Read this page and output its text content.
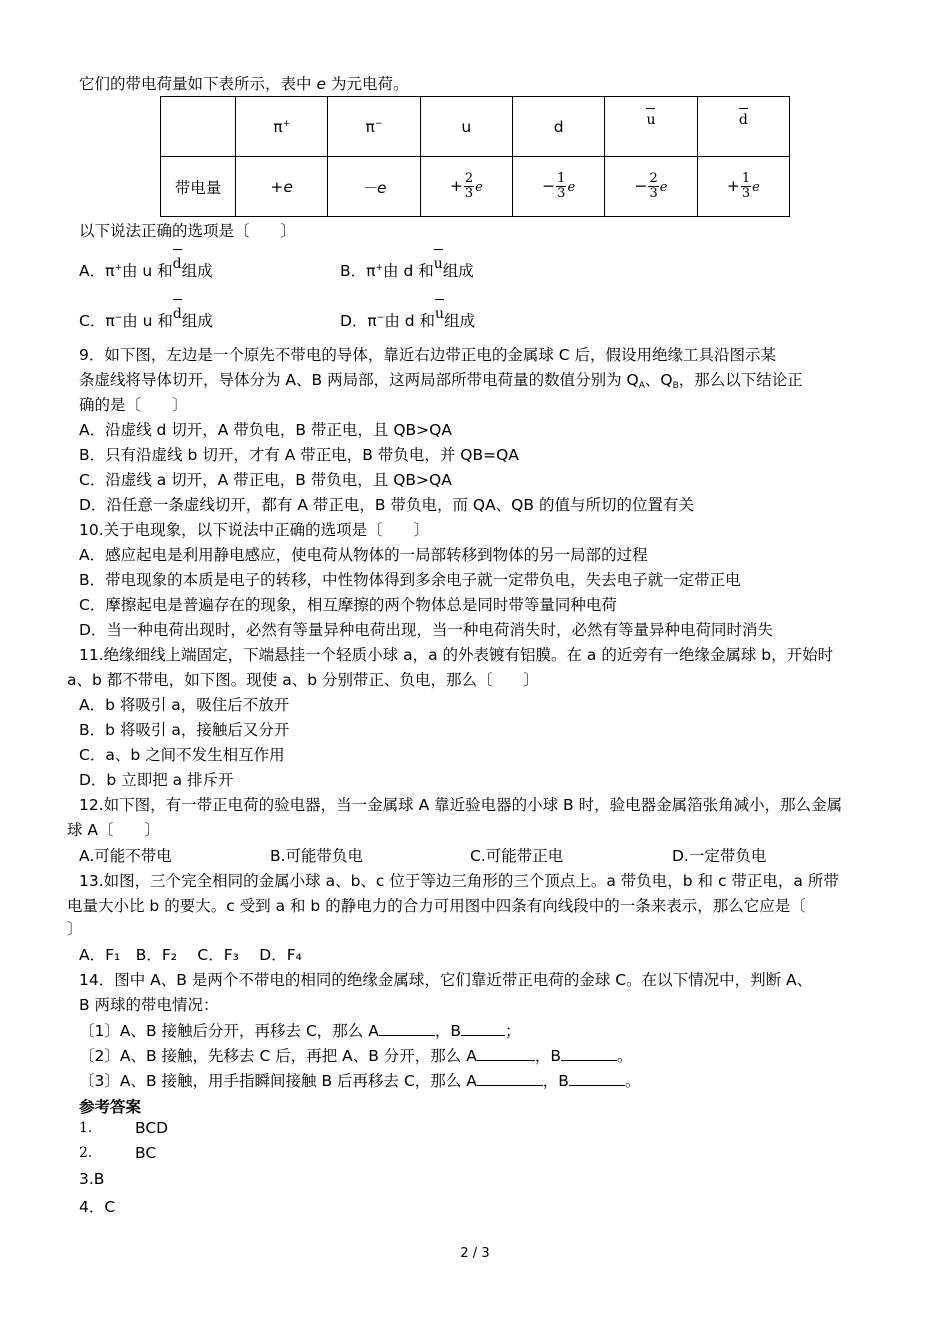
它们的带电荷量如下表所示，表中 e 为元电荷。
	π+	π−	u	d	u	d
带电量	+e	－e	+ $\frac{2}{3}$ e	− $\frac{1}{3}$ e	− $\frac{2}{3}$ e	+ $\frac{1}{3}$ e
以下说法正确的选项是〔　　〕
A．π+由 u 和d组成	B．π+由 d 和u组成
C．π−由 u 和d组成	D．π−由 d 和u组成
9．如下图，左边是一个原先不带电的导体，靠近右边带正电的金属球 C 后，假设用绝缘工具沿图示某
条虚线将导体切开，导体分为 A、B 两局部，这两局部所带电荷量的数值分别为 $Q_A$、$Q_B$，那么以下结论正
确的是〔　　〕
A．沿虚线 d 切开，A 带负电，B 带正电，且 QB>QA
B．只有沿虚线 b 切开，才有 A 带正电，B 带负电，并 QB=QA
C．沿虚线 a 切开，A 带正电，B 带负电，且 QB>QA
D．沿任意一条虚线切开，都有 A 带正电，B 带负电，而 QA、QB 的值与所切的位置有关
10.关于电现象，以下说法中正确的选项是〔　　〕
A．感应起电是利用静电感应，使电荷从物体的一局部转移到物体的另一局部的过程
B．带电现象的本质是电子的转移，中性物体得到多余电子就一定带负电，失去电子就一定带正电
C．摩擦起电是普遍存在的现象，相互摩擦的两个物体总是同时带等量同种电荷
D．当一种电荷出现时，必然有等量异种电荷出现，当一种电荷消失时，必然有等量异种电荷同时消失
11.绝缘细线上端固定，下端悬挂一个轻质小球 a，a 的外表镀有铝膜。在 a 的近旁有一绝缘金属球 b，开始时
a、b 都不带电，如下图。现使 a、b 分别带正、负电，那么〔　　〕
A．b 将吸引 a，吸住后不放开
B．b 将吸引 a，接触后又分开
C．a、b 之间不发生相互作用
D．b 立即把 a 排斥开
12.如下图，有一带正电荷的验电器，当一金属球 A 靠近验电器的小球 B 时，验电器金属箔张角减小，那么金属
球 A〔　　〕
A.可能不带电	B.可能带负电	C.可能带正电	D.一定带负电
13.如图，三个完全相同的金属小球 a、b、c 位于等边三角形的三个顶点上。a 带负电，b 和 c 带正电，a 所带
电量大小比 b 的要大。c 受到 a 和 b 的静电力的合力可用图中四条有向线段中的一条来表示，那么它应是〔
〕
A．F₁　B．F₂　 C．F₃　 D．F₄
14．图中 A、B 是两个不带电的相同的绝缘金属球，它们靠近带正电荷的金球 C。在以下情况中，判断 A、
B 两球的带电情况：
〔1〕A、B 接触后分开，再移去 C，那么 A	，B	；
〔2〕A、B 接触，先移去 C 后，再把 A、B 分开，那么 A	，B	。
〔3〕A、B 接触，用手指瞬间接触 B 后再移去 C，那么 A	，B	。
参考答案
1.	BCD
2.	BC
3.B
4．C
2 / 3
